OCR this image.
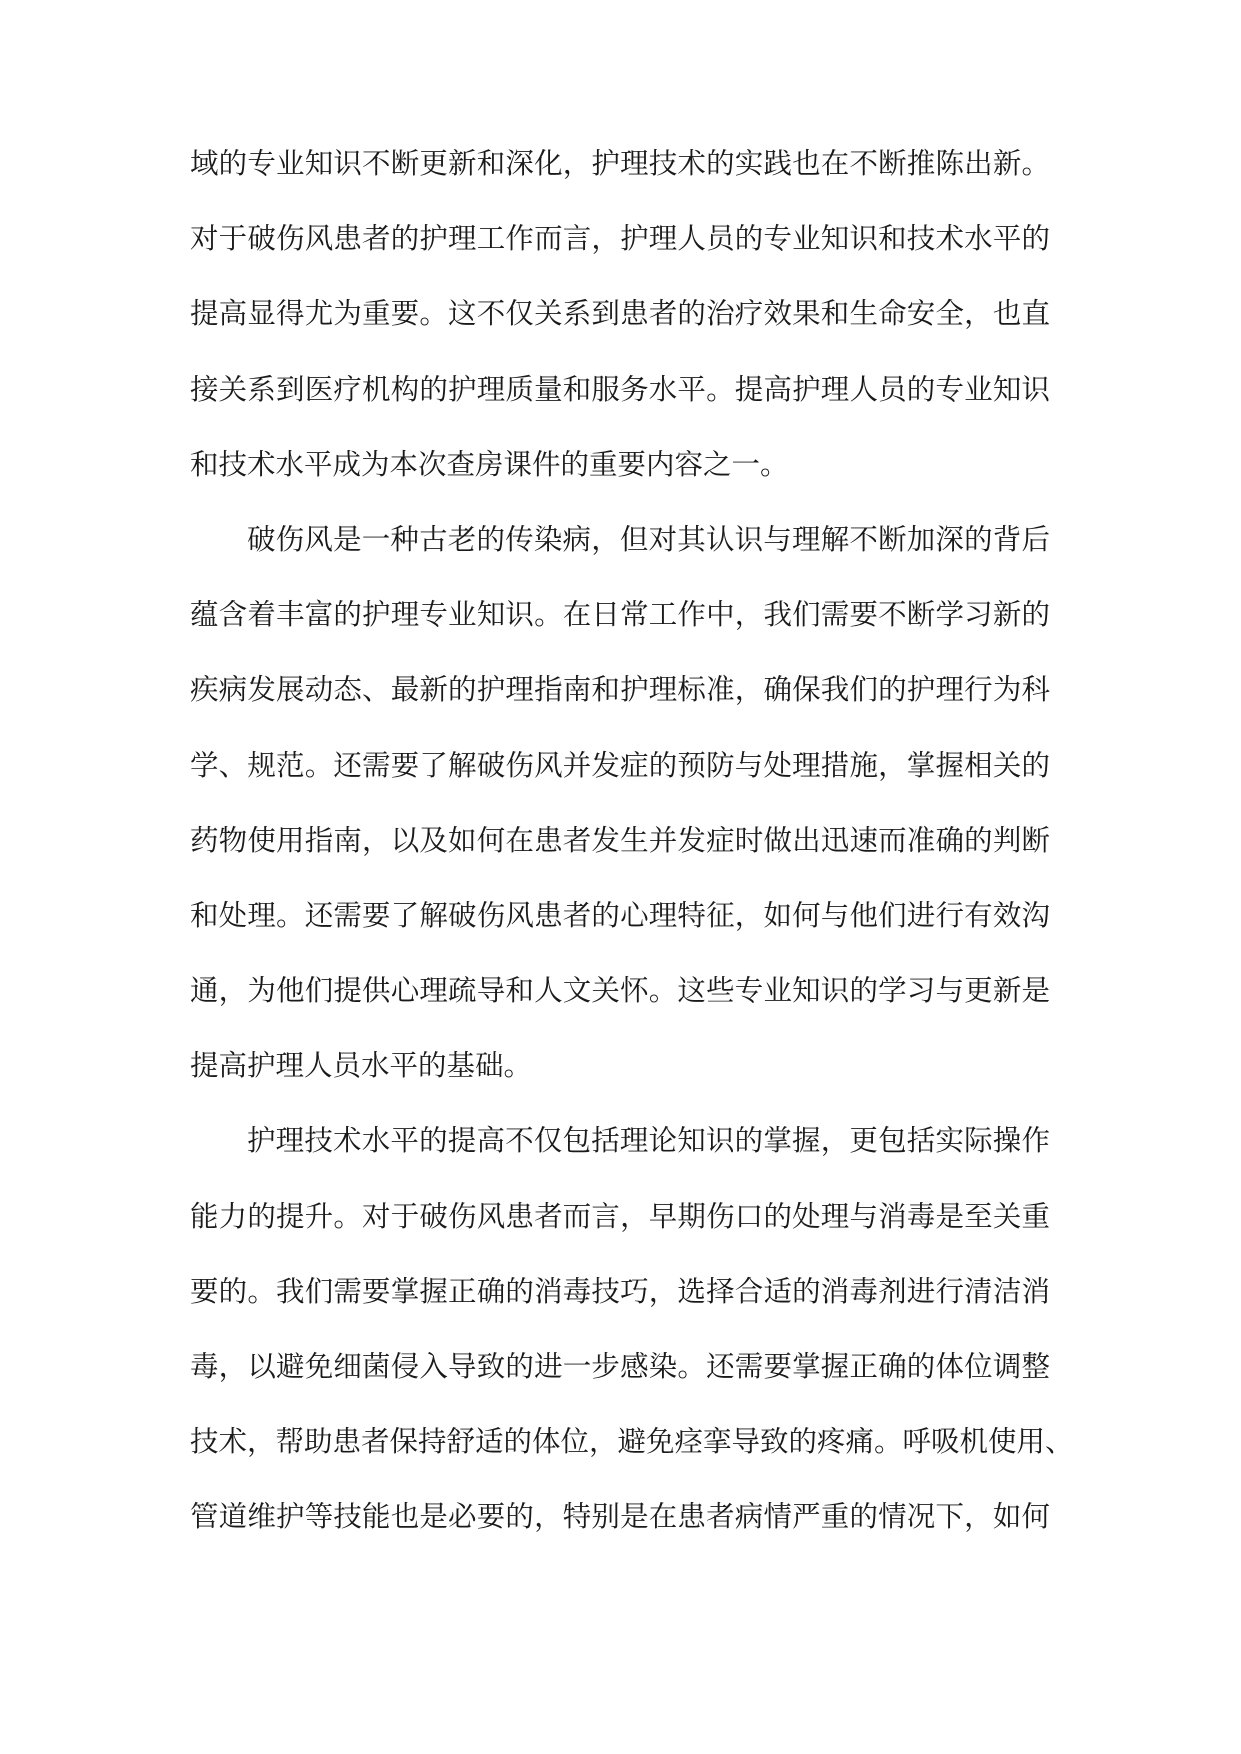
域的专业知识不断更新和深化，护理技术的实践也在不断推陈出新。
对于破伤风患者的护理工作而言，护理人员的专业知识和技术水平的
提高显得尤为重要。这不仅关系到患者的治疗效果和生命安全，也直
接关系到医疗机构的护理质量和服务水平。提高护理人员的专业知识
和技术水平成为本次查房课件的重要内容之一。
破伤风是一种古老的传染病，但对其认识与理解不断加深的背后
蕴含着丰富的护理专业知识。在日常工作中，我们需要不断学习新的
疾病发展动态、最新的护理指南和护理标准，确保我们的护理行为科
学、规范。还需要了解破伤风并发症的预防与处理措施，掌握相关的
药物使用指南，以及如何在患者发生并发症时做出迅速而准确的判断
和处理。还需要了解破伤风患者的心理特征，如何与他们进行有效沟
通，为他们提供心理疏导和人文关怀。这些专业知识的学习与更新是
提高护理人员水平的基础。
护理技术水平的提高不仅包括理论知识的掌握，更包括实际操作
能力的提升。对于破伤风患者而言，早期伤口的处理与消毒是至关重
要的。我们需要掌握正确的消毒技巧，选择合适的消毒剂进行清洁消
毒，以避免细菌侵入导致的进一步感染。还需要掌握正确的体位调整
技术，帮助患者保持舒适的体位，避免痉挛导致的疼痛。呼吸机使用、
管道维护等技能也是必要的，特别是在患者病情严重的情况下，如何
